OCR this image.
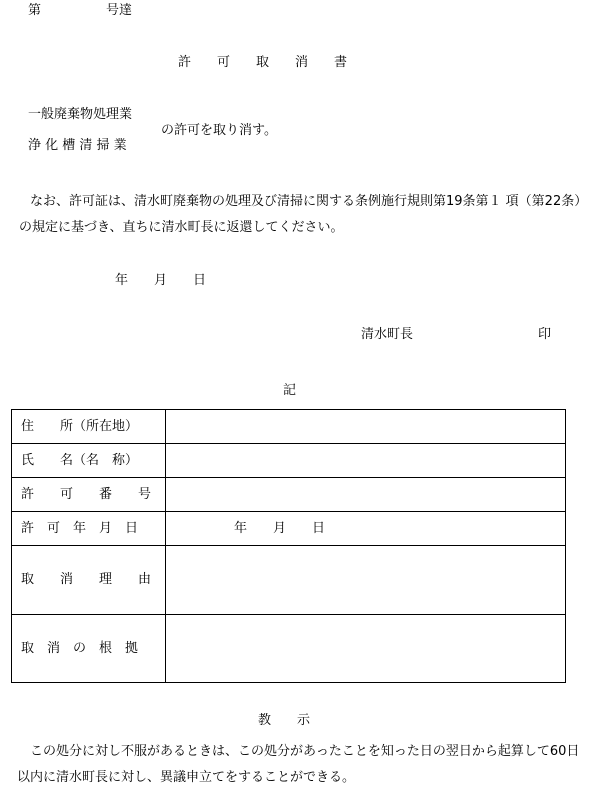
第　　　　　号達
許　　可　　取　　消　　書
一般廃棄物処理業
浄 化 槽 清 掃 業
の許可を取り消す。
なお、許可証は、清水町廃棄物の処理及び清掃に関する条例施行規則第19条第１ 項（第22条）の規定に基づき、直ちに清水町長に返還してください。
年　　月　　日
清水町長	印
記
住　　所（所在地）	
氏　　名（名　称）	
許　　可　　番　　号	
許　可　年　月　日	年　　月　　日
取　　消　　理　　由	
取　消　の　根　拠	
教　　示
この処分に対し不服があるときは、この処分があったことを知った日の翌日から起算して60日以内に清水町長に対し、異議申立てをすることができる。
